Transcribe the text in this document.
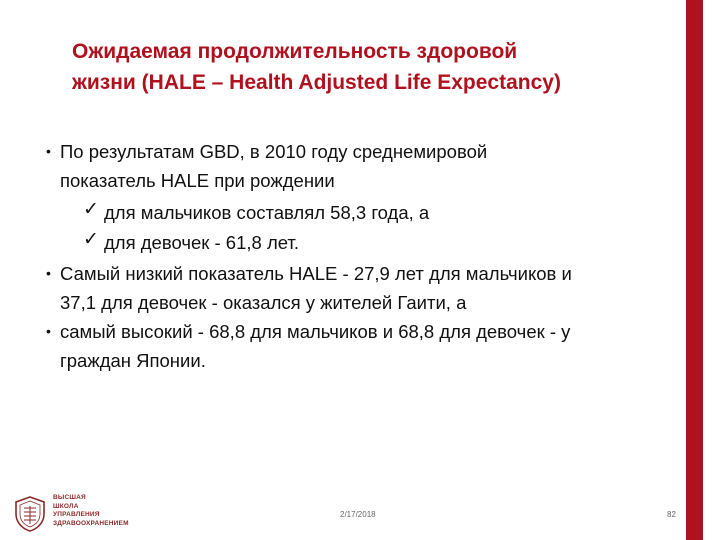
Ожидаемая продолжительность здоровой
жизни (HALE – Health Adjusted Life Expectancy)
• По результатам GBD, в 2010 году среднемировой
показатель HALE при рождении
✓ для мальчиков составлял 58,3 года, а
✓ для девочек - 61,8 лет.
• Самый низкий показатель HALE - 27,9 лет для мальчиков и
37,1 для девочек - оказался у жителей Гаити, а
• самый высокий - 68,8 для мальчиков и 68,8 для девочек - у
граждан Японии.
ВЫСШАЯ
ШКОЛА
УПРАВЛЕНИЯ
ЗДРАВООХРАНЕНИЕМ
2/17/2018	82
